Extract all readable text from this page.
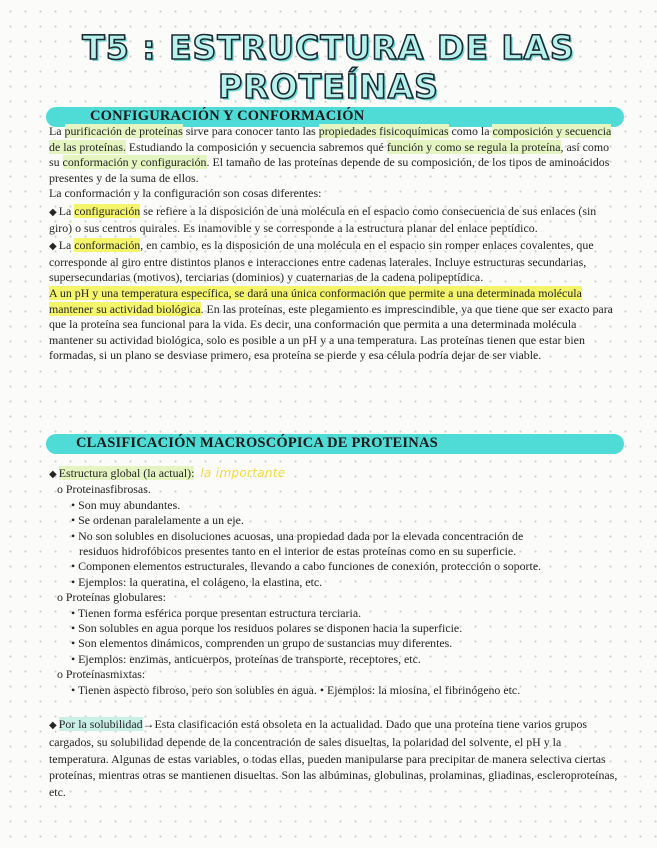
T5 : ESTRUCTURA DE LAS PROTEÍNAS
CONFIGURACIÓN Y CONFORMACIÓN

La purificación de proteínas sirve para conocer tanto las propiedades fisicoquímicas como la composición y secuencia de las proteínas. Estudiando la composición y secuencia sabremos qué función y como se regula la proteína, así como su conformación y configuración. El tamaño de las proteínas depende de su composición, de los tipos de aminoácidos presentes y de la suma de ellos.

La conformación y la configuración son cosas diferentes:

◆ La configuración se refiere a la disposición de una molécula en el espacio como consecuencia de sus enlaces (sin giro) o sus centros quirales. Es inamovible y se corresponde a la estructura planar del enlace peptídico.

◆ La conformación, en cambio, es la disposición de una molécula en el espacio sin romper enlaces covalentes, que corresponde al giro entre distintos planos e interacciones entre cadenas laterales. Incluye estructuras secundarias, supersecundarias (motivos), terciarias (dominios) y cuaternarias de la cadena polipeptídica.

A un pH y una temperatura específica, se dará una única conformación que permite a una determinada molécula mantener su actividad biológica. En las proteínas, este plegamiento es imprescindible, ya que tiene que ser exacto para que la proteína sea funcional para la vida. Es decir, una conformación que permita a una determinada molécula mantener su actividad biológica, solo es posible a un pH y a una temperatura. Las proteínas tienen que estar bien formadas, si un plano se desviase primero, esa proteína se pierde y esa célula podría dejar de ser viable.

CLASIFICACIÓN MACROSCÓPICA DE PROTEINAS
◆ Estructura global (la actual): la importante
o Proteinasfibrosas.
• Son muy abundantes.
• Se ordenan paralelamente a un eje.
• No son solubles en disoluciones acuosas, una propiedad dada por la elevada concentración de
residuos hidrofóbicos presentes tanto en el interior de estas proteínas como en su superficie.
• Componen elementos estructurales, llevando a cabo funciones de conexión, protección o soporte.
• Ejemplos: la queratina, el colágeno, la elastina, etc.
o Proteínas globulares:
• Tienen forma esférica porque presentan estructura terciaria.
• Son solubles en agua porque los residuos polares se disponen hacia la superficie.
• Son elementos dinámicos, comprenden un grupo de sustancias muy diferentes.
• Ejemplos: enzimas, anticuerpos, proteínas de transporte, receptores, etc.
o Proteínasmixtas:
• Tienen aspecto fibroso, pero son solubles en agua. • Ejemplos: la miosina, el fibrinógeno etc.

◆ Por la solubilidad→Esta clasificación está obsoleta en la actualidad. Dado que una proteína tiene varios grupos cargados, su solubilidad depende de la concentración de sales disueltas, la polaridad del solvente, el pH y la temperatura. Algunas de estas variables, o todas ellas, pueden manipularse para precipitar de manera selectiva ciertas proteínas, mientras otras se mantienen disueltas. Son las albúminas, globulinas, prolaminas, gliadinas, escleroproteínas, etc.
